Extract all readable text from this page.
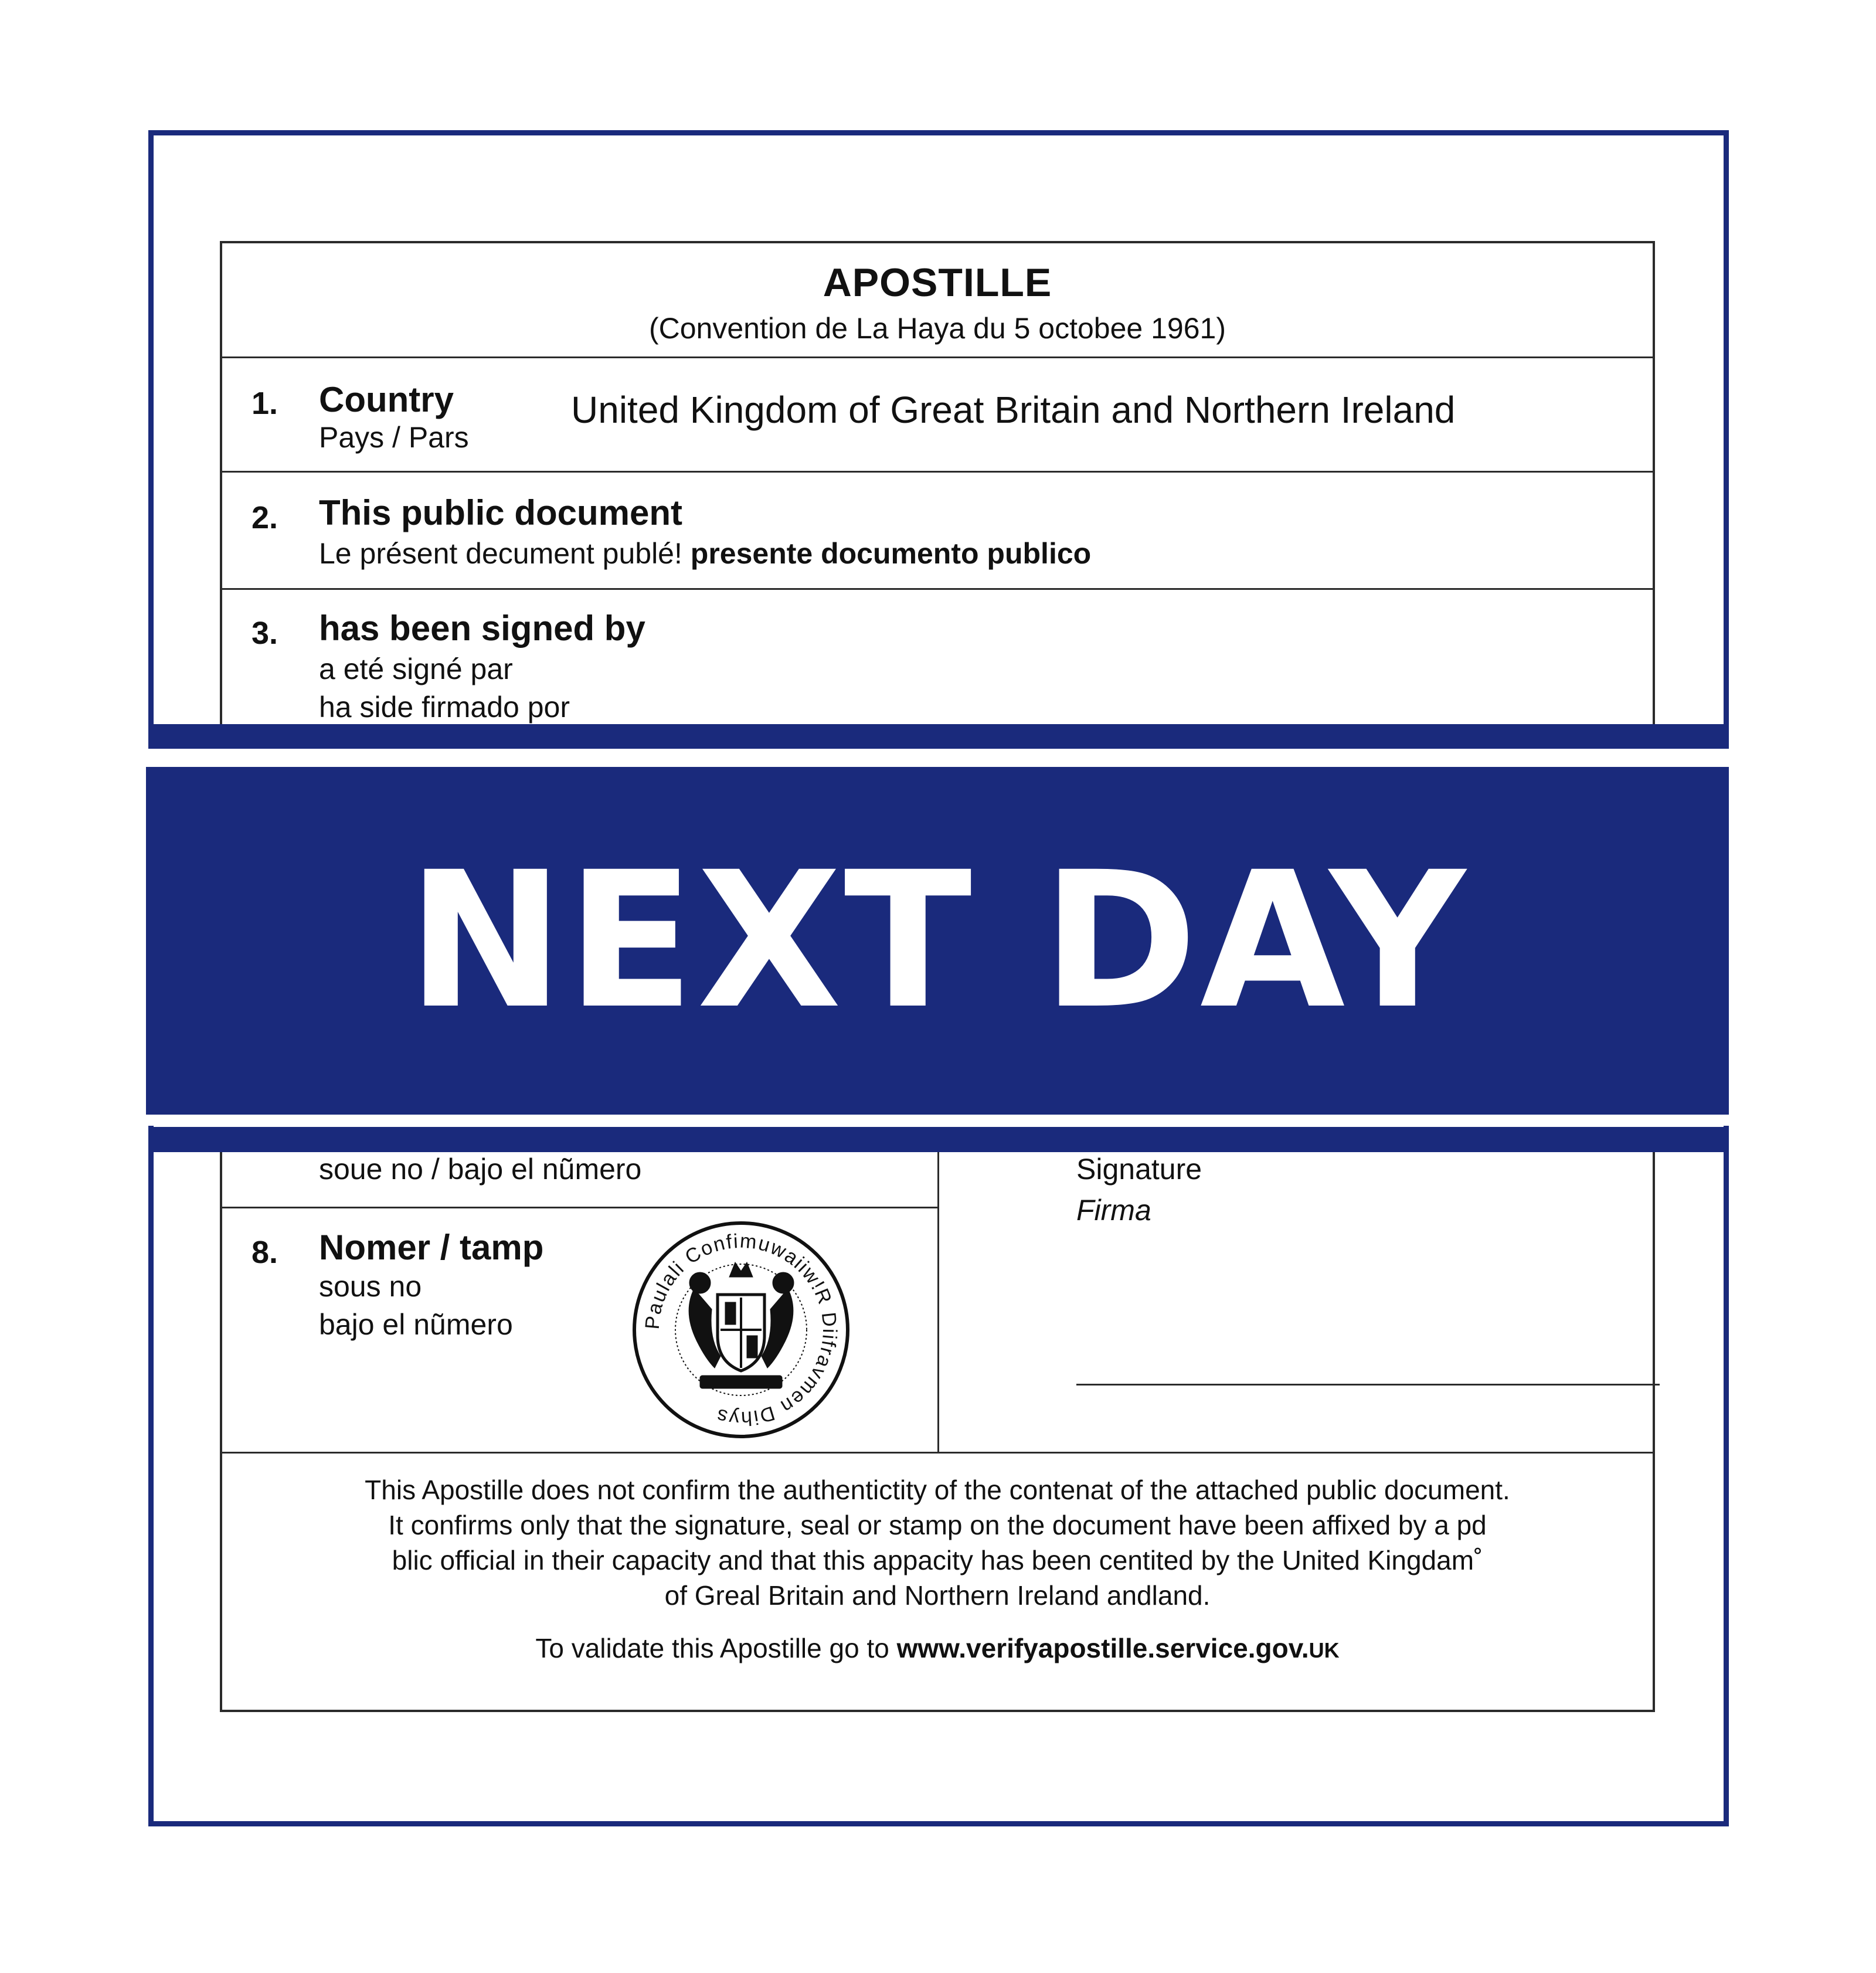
APOSTILLE
(Convention de La Haya du 5 octobee 1961)
1. Country
Pays / Pars
United Kingdom of Great Britain and Northern Ireland
2. This public document
Le présent decument publé! presente documento publico
3. has been signed by
a eté signé par
ha side firmado por
NEXT DAY
soue no / bajo el nũmero
8. Nomer / tamp
sous no
bajo el nũmero	Paulali Confimuwaiiw!R Diifravmen Dihys
Signature
Firma
This Apostille does not confirm the authentictity of the contenat of the attached public document.
It confirms only that the signature, seal or stamp on the document have been affixed by a pd
blic official in their capacity and that this appacity has been centited by the United Kingdam˚
of Greal Britain and Northern Ireland andland.
To validate this Apostille go to www.verifyapostille.service.gov.UK
